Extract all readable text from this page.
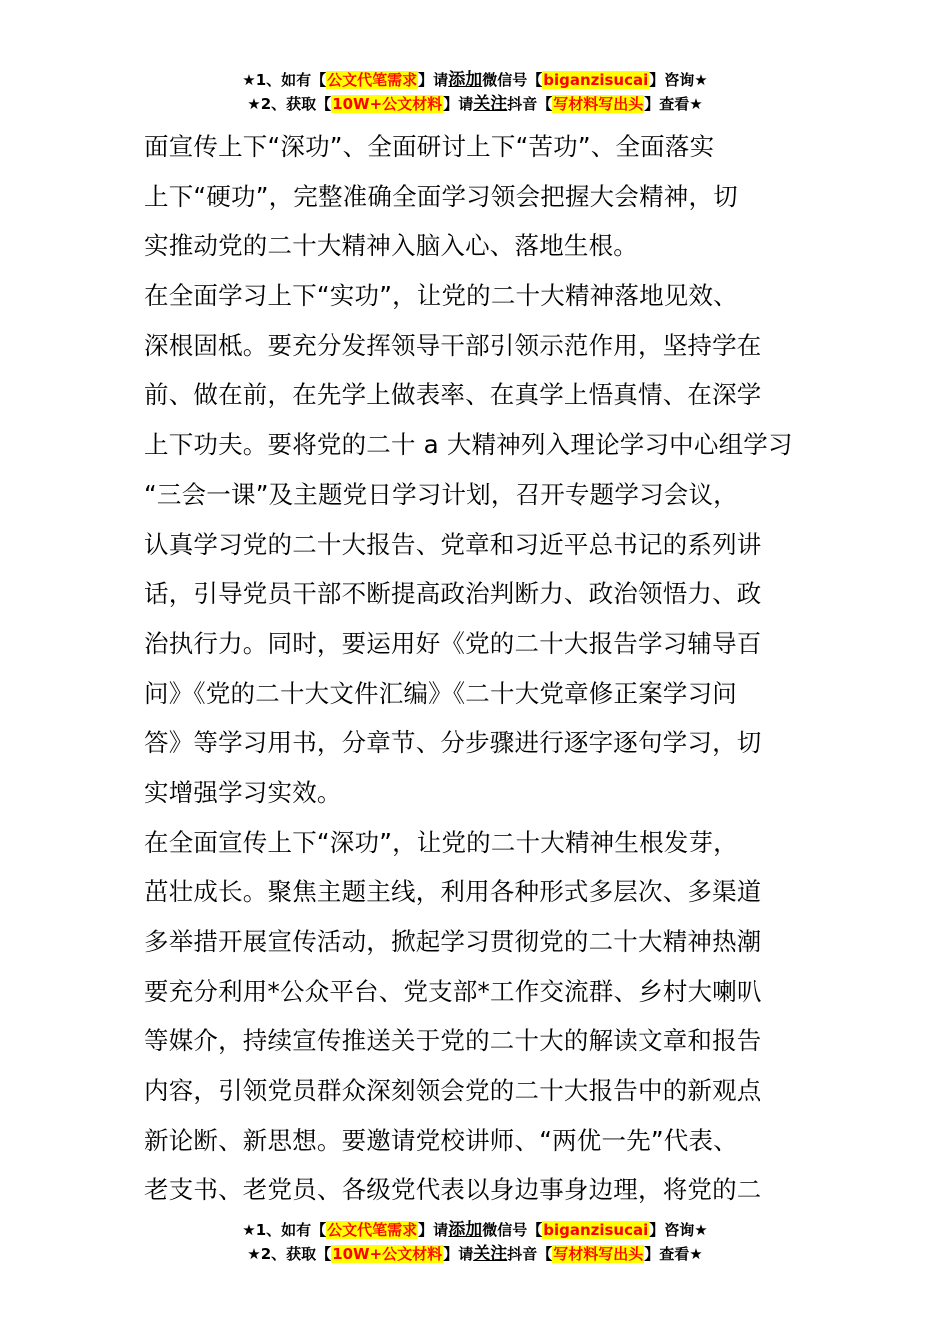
★1、如有【公文代笔需求】请添加微信号【biganzisucai】咨询★
★2、获取【10W+公文材料】请关注抖音【写材料写出头】查看★
面宣传上下“深功”、全面研讨上下“苦功”、全面落实
上下“硬功”，完整准确全面学习领会把握大会精神，切
实推动党的二十大精神入脑入心、落地生根。
在全面学习上下“实功”，让党的二十大精神落地见效、
深根固柢。要充分发挥领导干部引领示范作用，坚持学在
前、做在前，在先学上做表率、在真学上悟真情、在深学
上下功夫。要将党的二十 a 大精神列入理论学习中心组学习
“三会一课”及主题党日学习计划，召开专题学习会议，
认真学习党的二十大报告、党章和习近平总书记的系列讲
话，引导党员干部不断提高政治判断力、政治领悟力、政
治执行力。同时，要运用好《党的二十大报告学习辅导百
问》《党的二十大文件汇编》《二十大党章修正案学习问
答》等学习用书，分章节、分步骤进行逐字逐句学习，切
实增强学习实效。
在全面宣传上下“深功”，让党的二十大精神生根发芽，
茁壮成长。聚焦主题主线，利用各种形式多层次、多渠道
多举措开展宣传活动，掀起学习贯彻党的二十大精神热潮
要充分利用*公众平台、党支部*工作交流群、乡村大喇叭
等媒介，持续宣传推送关于党的二十大的解读文章和报告
内容，引领党员群众深刻领会党的二十大报告中的新观点
新论断、新思想。要邀请党校讲师、“两优一先”代表、
老支书、老党员、各级党代表以身边事身边理，将党的二
★1、如有【公文代笔需求】请添加微信号【biganzisucai】咨询★
★2、获取【10W+公文材料】请关注抖音【写材料写出头】查看★
